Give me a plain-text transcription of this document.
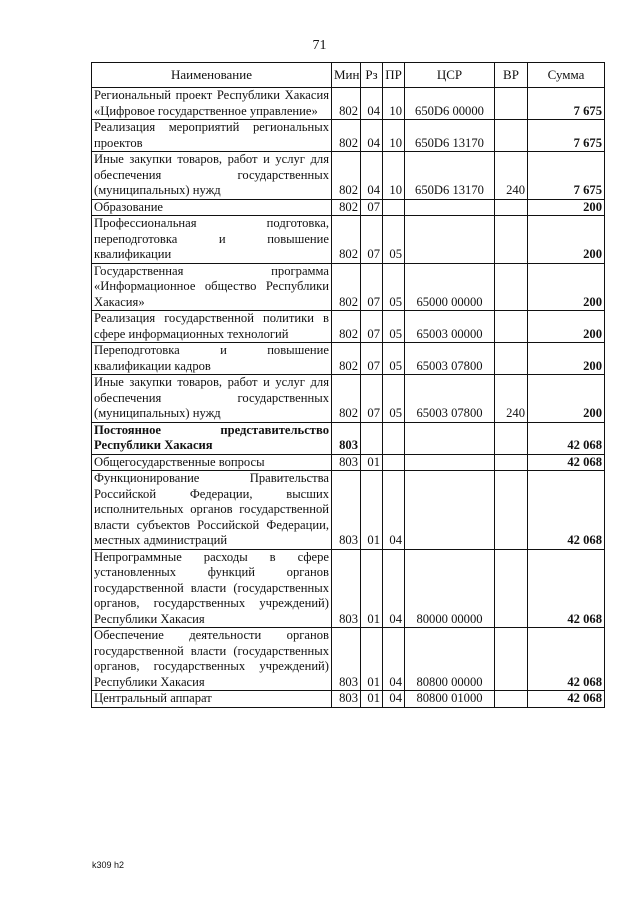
71
Наименование	Мин	Рз	ПР	ЦСР	ВР	Сумма
Региональный проект Республики Хакасия «Цифровое государственное управление»	802	04	10	650D6 00000		7 675
Реализация мероприятий региональных проектов	802	04	10	650D6 13170		7 675
Иные закупки товаров, работ и услуг для обеспечения государственных (муниципальных) нужд	802	04	10	650D6 13170	240	7 675
Образование	802	07				200
Профессиональная подготовка, переподготовка и повышение квалификации	802	07	05			200
Государственная программа «Информационное общество Республики Хакасия»	802	07	05	65000 00000		200
Реализация государственной политики в сфере информационных технологий	802	07	05	65003 00000		200
Переподготовка и повышение квалификации кадров	802	07	05	65003 07800		200
Иные закупки товаров, работ и услуг для обеспечения государственных (муниципальных) нужд	802	07	05	65003 07800	240	200
Постоянное представительство Республики Хакасия	803					42 068
Общегосударственные вопросы	803	01				42 068
Функционирование Правительства Российской Федерации, высших исполнительных органов государственной власти субъектов Российской Федерации, местных администраций	803	01	04			42 068
Непрограммные расходы в сфере установленных функций органов государственной власти (государственных органов, государственных учреждений) Республики Хакасия	803	01	04	80000 00000		42 068
Обеспечение деятельности органов государственной власти (государственных органов, государственных учреждений) Республики Хакасия	803	01	04	80800 00000		42 068
Центральный аппарат	803	01	04	80800 01000		42 068
k309 h2
